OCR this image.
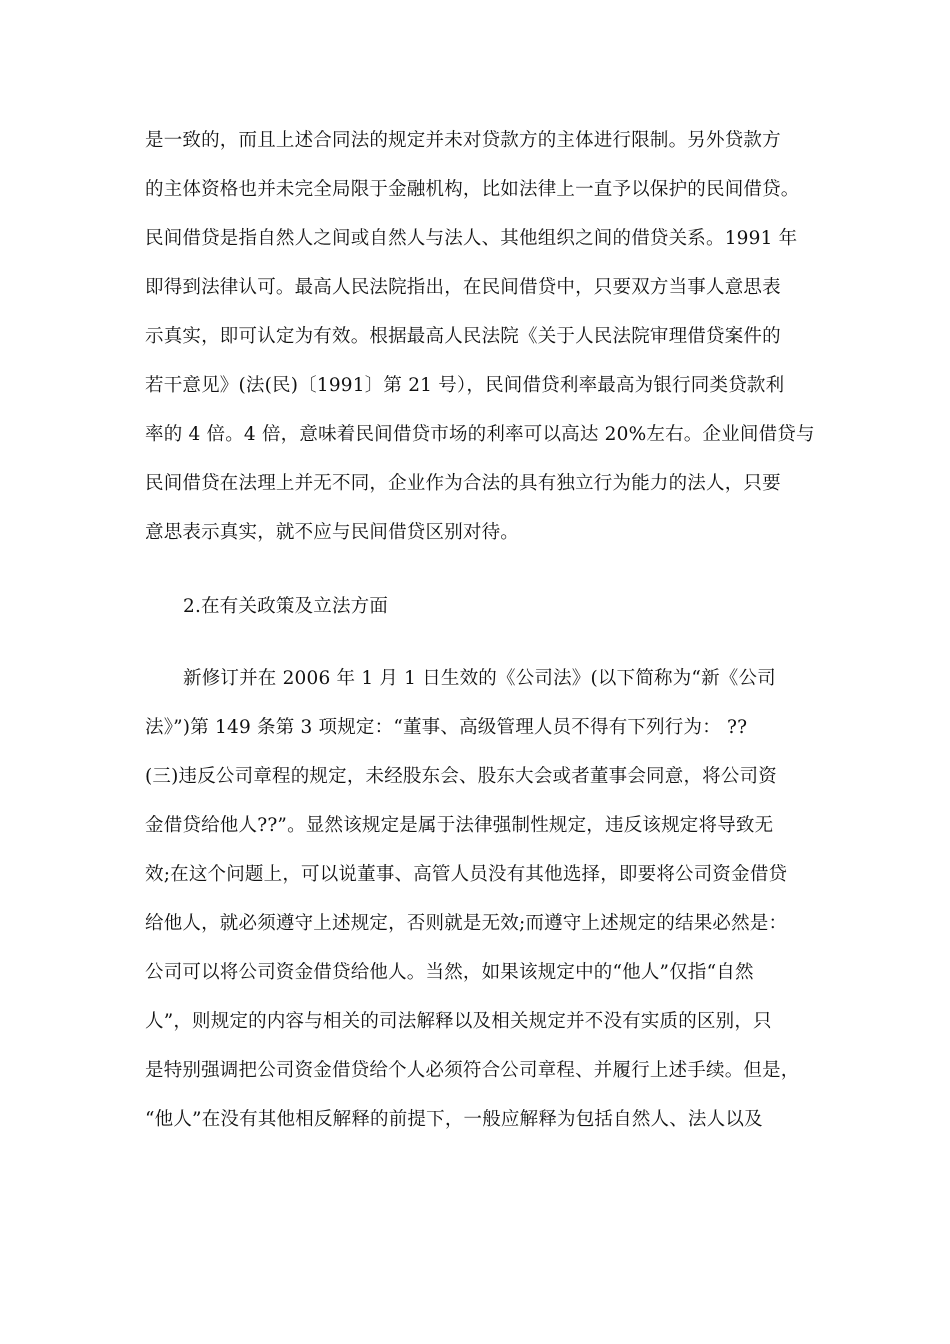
是一致的，而且上述合同法的规定并未对贷款方的主体进行限制。另外贷款方
的主体资格也并未完全局限于金融机构，比如法律上一直予以保护的民间借贷。
民间借贷是指自然人之间或自然人与法人、其他组织之间的借贷关系。1991 年
即得到法律认可。最高人民法院指出，在民间借贷中，只要双方当事人意思表
示真实，即可认定为有效。根据最高人民法院《关于人民法院审理借贷案件的
若干意见》(法(民)〔1991〕第 21 号），民间借贷利率最高为银行同类贷款利
率的 4 倍。4 倍，意味着民间借贷市场的利率可以高达 20%左右。企业间借贷与
民间借贷在法理上并无不同，企业作为合法的具有独立行为能力的法人，只要
意思表示真实，就不应与民间借贷区别对待。
2.在有关政策及立法方面
新修订并在 2006 年 1 月 1 日生效的《公司法》(以下简称为“新《公司
法》”)第 149 条第 3 项规定：“董事、高级管理人员不得有下列行为： ??
(三)违反公司章程的规定，未经股东会、股东大会或者董事会同意，将公司资
金借贷给他人??”。显然该规定是属于法律强制性规定，违反该规定将导致无
效;在这个问题上，可以说董事、高管人员没有其他选择，即要将公司资金借贷
给他人，就必须遵守上述规定，否则就是无效;而遵守上述规定的结果必然是：
公司可以将公司资金借贷给他人。当然，如果该规定中的“他人”仅指“自然
人”，则规定的内容与相关的司法解释以及相关规定并不没有实质的区别，只
是特别强调把公司资金借贷给个人必须符合公司章程、并履行上述手续。但是，
“他人”在没有其他相反解释的前提下，一般应解释为包括自然人、法人以及
